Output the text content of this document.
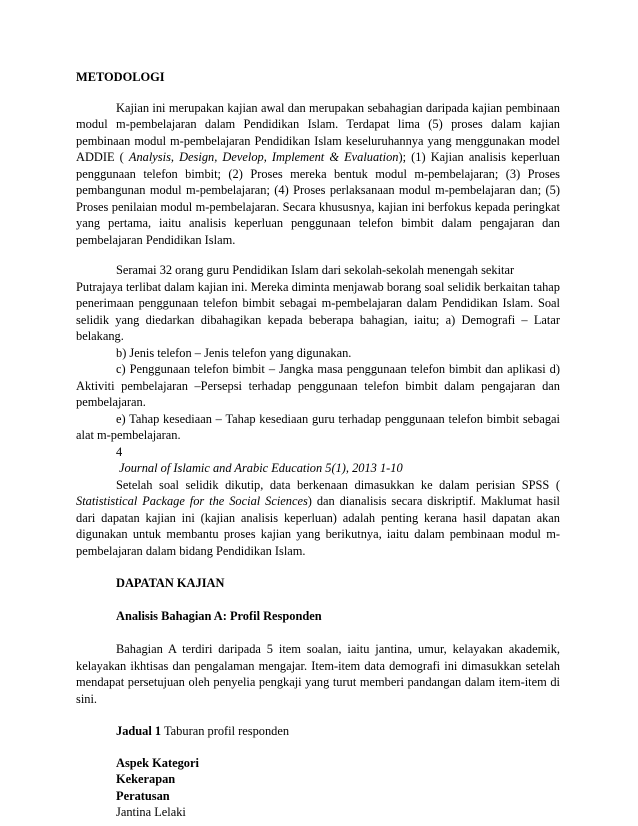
METODOLOGI
Kajian ini merupakan kajian awal dan merupakan sebahagian daripada kajian pembinaan
modul m-pembelajaran dalam Pendidikan Islam. Terdapat lima (5) proses dalam kajian
pembinaan modul m-pembelajaran Pendidikan Islam keseluruhannya yang menggunakan model
ADDIE ( Analysis, Design, Develop, Implement & Evaluation); (1) Kajian analisis keperluan
penggunaan telefon bimbit; (2) Proses mereka bentuk modul m-pembelajaran; (3) Proses
pembangunan modul m-pembelajaran; (4) Proses perlaksanaan modul m-pembelajaran dan; (5)
Proses penilaian modul m-pembelajaran. Secara khususnya, kajian ini berfokus kepada peringkat
yang pertama, iaitu analisis keperluan penggunaan telefon bimbit dalam pengajaran dan
pembelajaran Pendidikan Islam.
Seramai 32 orang guru Pendidikan Islam dari sekolah-sekolah menengah sekitar
Putrajaya terlibat dalam kajian ini. Mereka diminta menjawab borang soal selidik berkaitan tahap
penerimaan penggunaan telefon bimbit sebagai m-pembelajaran dalam Pendidikan Islam. Soal
selidik yang diedarkan dibahagikan kepada beberapa bahagian, iaitu; a) Demografi – Latar
belakang.
b) Jenis telefon – Jenis telefon yang digunakan.
c) Penggunaan telefon bimbit – Jangka masa penggunaan telefon bimbit dan aplikasi d)
Aktiviti pembelajaran –Persepsi terhadap penggunaan telefon bimbit dalam pengajaran dan
pembelajaran.
e) Tahap kesediaan – Tahap kesediaan guru terhadap penggunaan telefon bimbit sebagai
alat m-pembelajaran.
4
Journal of Islamic and Arabic Education 5(1), 2013 1-10
Setelah soal selidik dikutip, data berkenaan dimasukkan ke dalam perisian SPSS (
Statististical Package for the Social Sciences) dan dianalisis secara diskriptif. Maklumat hasil
dari dapatan kajian ini (kajian analisis keperluan) adalah penting kerana hasil dapatan akan
digunakan untuk membantu proses kajian yang berikutnya, iaitu dalam pembinaan modul m-
pembelajaran dalam bidang Pendidikan Islam.
DAPATAN KAJIAN
Analisis Bahagian A: Profil Responden
Bahagian A terdiri daripada 5 item soalan, iaitu jantina, umur, kelayakan akademik,
kelayakan ikhtisas dan pengalaman mengajar. Item-item data demografi ini dimasukkan setelah
mendapat persetujuan oleh penyelia pengkaji yang turut memberi pandangan dalam item-item di
sini.
Jadual 1 Taburan profil responden
Aspek Kategori
Kekerapan
Peratusan
Jantina Lelaki
